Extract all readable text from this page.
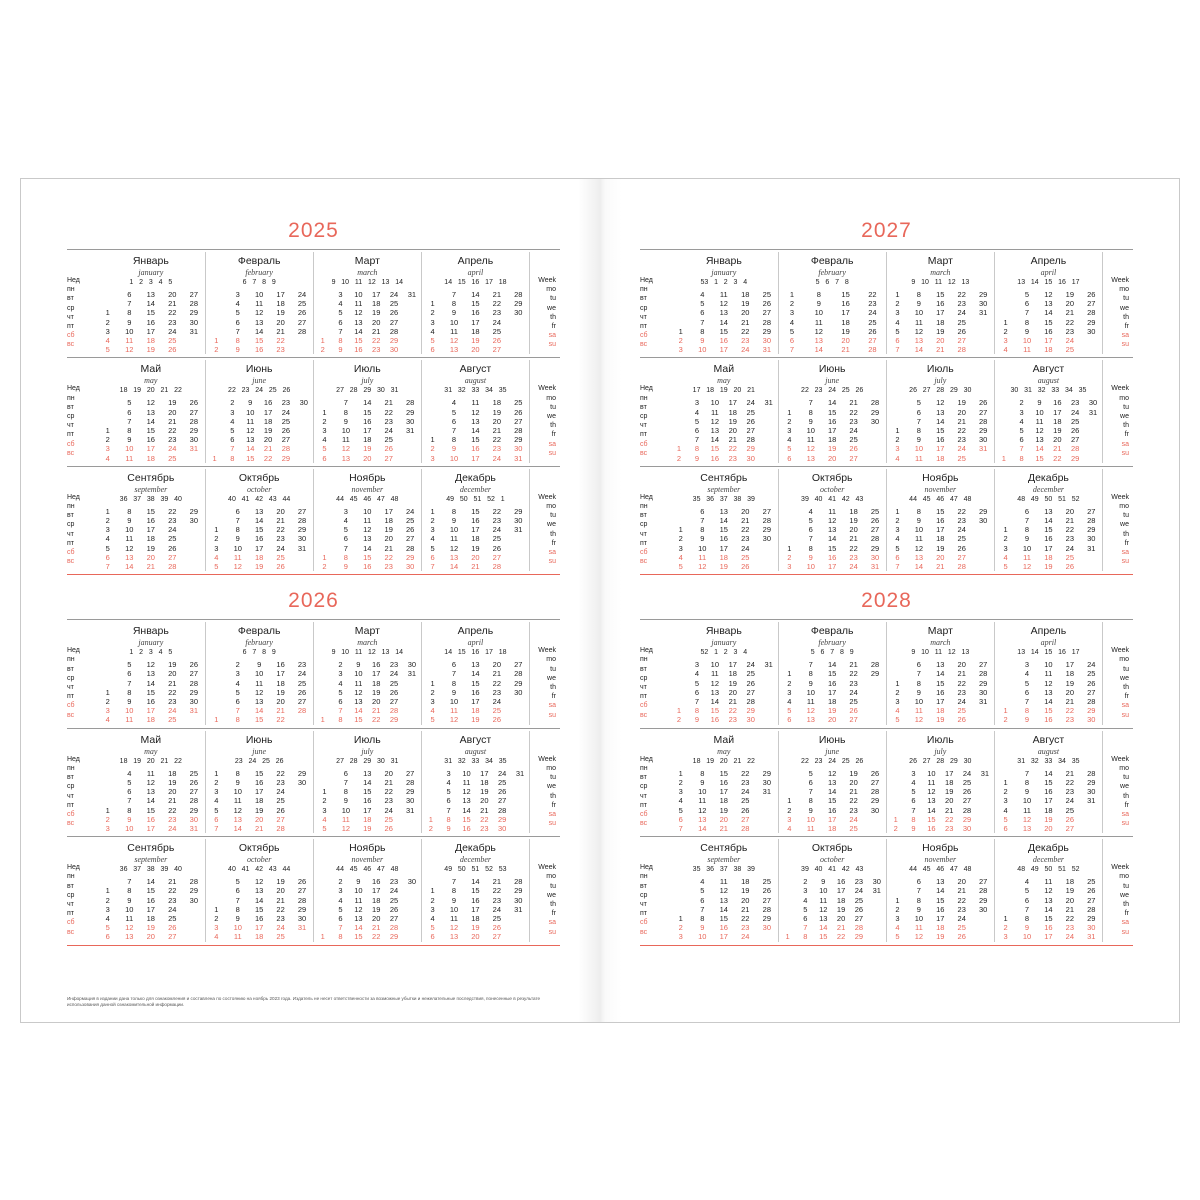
2025

Нед
пн
вт
ср
чт
пт
сб
вс

Январь
january
1   2   3   4   5
	6	13	20	27
	7	14	21	28
1	8	15	22	29
2	9	16	23	30
3	10	17	24	31
4	11	18	25	
5	12	19	26	

Февраль
february
6   7   8   9
	3	10	17	24
	4	11	18	25
	5	12	19	26
	6	13	20	27
	7	14	21	28
1	8	15	22	
2	9	16	23	

Март
march
9   10   11   12   13   14
	3	10	17	24	31
	4	11	18	25	
	5	12	19	26	
	6	13	20	27	
	7	14	21	28	
1	8	15	22	29	
2	9	16	23	30	

Апрель
april
14   15   16   17   18
	7	14	21	28
1	8	15	22	29
2	9	16	23	30
3	10	17	24	
4	11	18	25	
5	12	19	26	
6	13	20	27	

Week
mo
tu
we
th
fr
sa
su

Нед
пн
вт
ср
чт
пт
сб
вс

Май
may
18   19   20   21   22
	5	12	19	26
	6	13	20	27
	7	14	21	28
1	8	15	22	29
2	9	16	23	30
3	10	17	24	31
4	11	18	25	

Июнь
june
22   23   24   25   26
	2	9	16	23	30
	3	10	17	24	
	4	11	18	25	
	5	12	19	26	
	6	13	20	27	
	7	14	21	28	
1	8	15	22	29	

Июль
july
27   28   29   30   31
	7	14	21	28
1	8	15	22	29
2	9	16	23	30
3	10	17	24	31
4	11	18	25	
5	12	19	26	
6	13	20	27	

Август
august
31   32   33   34   35
	4	11	18	25
	5	12	19	26
	6	13	20	27
	7	14	21	28
1	8	15	22	29
2	9	16	23	30
3	10	17	24	31

Week
mo
tu
we
th
fr
sa
su

Нед
пн
вт
ср
чт
пт
сб
вс

Сентябрь
september
36   37   38   39   40
1	8	15	22	29
2	9	16	23	30
3	10	17	24	
4	11	18	25	
5	12	19	26	
6	13	20	27	
7	14	21	28	

Октябрь
october
40   41   42   43   44
	6	13	20	27
	7	14	21	28
1	8	15	22	29
2	9	16	23	30
3	10	17	24	31
4	11	18	25	
5	12	19	26	

Ноябрь
november
44   45   46   47   48
	3	10	17	24
	4	11	18	25
	5	12	19	26
	6	13	20	27
	7	14	21	28
1	8	15	22	29
2	9	16	23	30

Декабрь
december
49   50   51   52   1
1	8	15	22	29
2	9	16	23	30
3	10	17	24	31
4	11	18	25	
5	12	19	26	
6	13	20	27	
7	14	21	28	

Week
mo
tu
we
th
fr
sa
su
2026

Нед
пн
вт
ср
чт
пт
сб
вс

Январь
january
1   2   3   4   5
	5	12	19	26
	6	13	20	27
	7	14	21	28
1	8	15	22	29
2	9	16	23	30
3	10	17	24	31
4	11	18	25	

Февраль
february
6   7   8   9
	2	9	16	23
	3	10	17	24
	4	11	18	25
	5	12	19	26
	6	13	20	27
	7	14	21	28
1	8	15	22	

Март
march
9   10   11   12   13   14
	2	9	16	23	30
	3	10	17	24	31
	4	11	18	25	
	5	12	19	26	
	6	13	20	27	
	7	14	21	28	
1	8	15	22	29	

Апрель
april
14   15   16   17   18
	6	13	20	27
	7	14	21	28
1	8	15	22	29
2	9	16	23	30
3	10	17	24	
4	11	18	25	
5	12	19	26	

Week
mo
tu
we
th
fr
sa
su

Нед
пн
вт
ср
чт
пт
сб
вс

Май
may
18   19   20   21   22
	4	11	18	25
	5	12	19	26
	6	13	20	27
	7	14	21	28
1	8	15	22	29
2	9	16	23	30
3	10	17	24	31

Июнь
june
23   24   25   26
1	8	15	22	29
2	9	16	23	30
3	10	17	24	
4	11	18	25	
5	12	19	26	
6	13	20	27	
7	14	21	28	

Июль
july
27   28   29   30   31
	6	13	20	27
	7	14	21	28
1	8	15	22	29
2	9	16	23	30
3	10	17	24	31
4	11	18	25	
5	12	19	26	

Август
august
31   32   33   34   35
	3	10	17	24	31
	4	11	18	25	
	5	12	19	26	
	6	13	20	27	
	7	14	21	28	
1	8	15	22	29	
2	9	16	23	30	

Week
mo
tu
we
th
fr
sa
su

Нед
пн
вт
ср
чт
пт
сб
вс

Сентябрь
september
36   37   38   39   40
	7	14	21	28
1	8	15	22	29
2	9	16	23	30
3	10	17	24	
4	11	18	25	
5	12	19	26	
6	13	20	27	

Октябрь
october
40   41   42   43   44
	5	12	19	26
	6	13	20	27
	7	14	21	28
1	8	15	22	29
2	9	16	23	30
3	10	17	24	31
4	11	18	25	

Ноябрь
november
44   45   46   47   48
	2	9	16	23	30
	3	10	17	24	
	4	11	18	25	
	5	12	19	26	
	6	13	20	27	
	7	14	21	28	
1	8	15	22	29	

Декабрь
december
49   50   51   52   53
	7	14	21	28
1	8	15	22	29
2	9	16	23	30
3	10	17	24	31
4	11	18	25	
5	12	19	26	
6	13	20	27	

Week
mo
tu
we
th
fr
sa
su
Информация в издании дана только для ознакомления и составлена по состоянию на ноябрь 2023 года. Издатель не несет ответственности за возможные убытки и нежелательные последствия, понесенные в результате использования данной ознакомительной информации.
2027

Нед
пн
вт
ср
чт
пт
сб
вс

Январь
january
53   1   2   3   4
	4	11	18	25
	5	12	19	26
	6	13	20	27
	7	14	21	28
1	8	15	22	29
2	9	16	23	30
3	10	17	24	31

Февраль
february
5   6   7   8
1	8	15	22
2	9	16	23
3	10	17	24
4	11	18	25
5	12	19	26
6	13	20	27
7	14	21	28

Март
march
9   10   11   12   13
1	8	15	22	29
2	9	16	23	30
3	10	17	24	31
4	11	18	25	
5	12	19	26	
6	13	20	27	
7	14	21	28	

Апрель
april
13   14   15   16   17
	5	12	19	26
	6	13	20	27
	7	14	21	28
1	8	15	22	29
2	9	16	23	30
3	10	17	24	
4	11	18	25	

Week
mo
tu
we
th
fr
sa
su

Нед
пн
вт
ср
чт
пт
сб
вс

Май
may
17   18   19   20   21
	3	10	17	24	31
	4	11	18	25	
	5	12	19	26	
	6	13	20	27	
	7	14	21	28	
1	8	15	22	29	
2	9	16	23	30	

Июнь
june
22   23   24   25   26
	7	14	21	28
1	8	15	22	29
2	9	16	23	30
3	10	17	24	
4	11	18	25	
5	12	19	26	
6	13	20	27	

Июль
july
26   27   28   29   30
	5	12	19	26
	6	13	20	27
	7	14	21	28
1	8	15	22	29
2	9	16	23	30
3	10	17	24	31
4	11	18	25	

Август
august
30   31   32   33   34   35
	2	9	16	23	30
	3	10	17	24	31
	4	11	18	25	
	5	12	19	26	
	6	13	20	27	
	7	14	21	28	
1	8	15	22	29	

Week
mo
tu
we
th
fr
sa
su

Нед
пн
вт
ср
чт
пт
сб
вс

Сентябрь
september
35   36   37   38   39
	6	13	20	27
	7	14	21	28
1	8	15	22	29
2	9	16	23	30
3	10	17	24	
4	11	18	25	
5	12	19	26	

Октябрь
october
39   40   41   42   43
	4	11	18	25
	5	12	19	26
	6	13	20	27
	7	14	21	28
1	8	15	22	29
2	9	16	23	30
3	10	17	24	31

Ноябрь
november
44   45   46   47   48
1	8	15	22	29
2	9	16	23	30
3	10	17	24	
4	11	18	25	
5	12	19	26	
6	13	20	27	
7	14	21	28	

Декабрь
december
48   49   50   51   52
	6	13	20	27
	7	14	21	28
1	8	15	22	29
2	9	16	23	30
3	10	17	24	31
4	11	18	25	
5	12	19	26	

Week
mo
tu
we
th
fr
sa
su
2028

Нед
пн
вт
ср
чт
пт
сб
вс

Январь
january
52   1   2   3   4
	3	10	17	24	31
	4	11	18	25	
	5	12	19	26	
	6	13	20	27	
	7	14	21	28	
1	8	15	22	29	
2	9	16	23	30	

Февраль
february
5   6   7   8   9
	7	14	21	28
1	8	15	22	29
2	9	16	23	
3	10	17	24	
4	11	18	25	
5	12	19	26	
6	13	20	27	

Март
march
9   10   11   12   13
	6	13	20	27
	7	14	21	28
1	8	15	22	29
2	9	16	23	30
3	10	17	24	31
4	11	18	25	
5	12	19	26	

Апрель
april
13   14   15   16   17
	3	10	17	24
	4	11	18	25
	5	12	19	26
	6	13	20	27
	7	14	21	28
1	8	15	22	29
2	9	16	23	30

Week
mo
tu
we
th
fr
sa
su

Нед
пн
вт
ср
чт
пт
сб
вс

Май
may
18   19   20   21   22
1	8	15	22	29
2	9	16	23	30
3	10	17	24	31
4	11	18	25	
5	12	19	26	
6	13	20	27	
7	14	21	28	

Июнь
june
22   23   24   25   26
	5	12	19	26
	6	13	20	27
	7	14	21	28
1	8	15	22	29
2	9	16	23	30
3	10	17	24	
4	11	18	25	

Июль
july
26   27   28   29   30
	3	10	17	24	31
	4	11	18	25	
	5	12	19	26	
	6	13	20	27	
	7	14	21	28	
1	8	15	22	29	
2	9	16	23	30	

Август
august
31   32   33   34   35
	7	14	21	28
1	8	15	22	29
2	9	16	23	30
3	10	17	24	31
4	11	18	25	
5	12	19	26	
6	13	20	27	

Week
mo
tu
we
th
fr
sa
su

Нед
пн
вт
ср
чт
пт
сб
вс

Сентябрь
september
35   36   37   38   39
	4	11	18	25
	5	12	19	26
	6	13	20	27
	7	14	21	28
1	8	15	22	29
2	9	16	23	30
3	10	17	24	

Октябрь
october
39   40   41   42   43
	2	9	16	23	30
	3	10	17	24	31
	4	11	18	25	
	5	12	19	26	
	6	13	20	27	
	7	14	21	28	
1	8	15	22	29	

Ноябрь
november
44   45   46   47   48
	6	13	20	27
	7	14	21	28
1	8	15	22	29
2	9	16	23	30
3	10	17	24	
4	11	18	25	
5	12	19	26	

Декабрь
december
48   49   50   51   52
	4	11	18	25
	5	12	19	26
	6	13	20	27
	7	14	21	28
1	8	15	22	29
2	9	16	23	30
3	10	17	24	31

Week
mo
tu
we
th
fr
sa
su
